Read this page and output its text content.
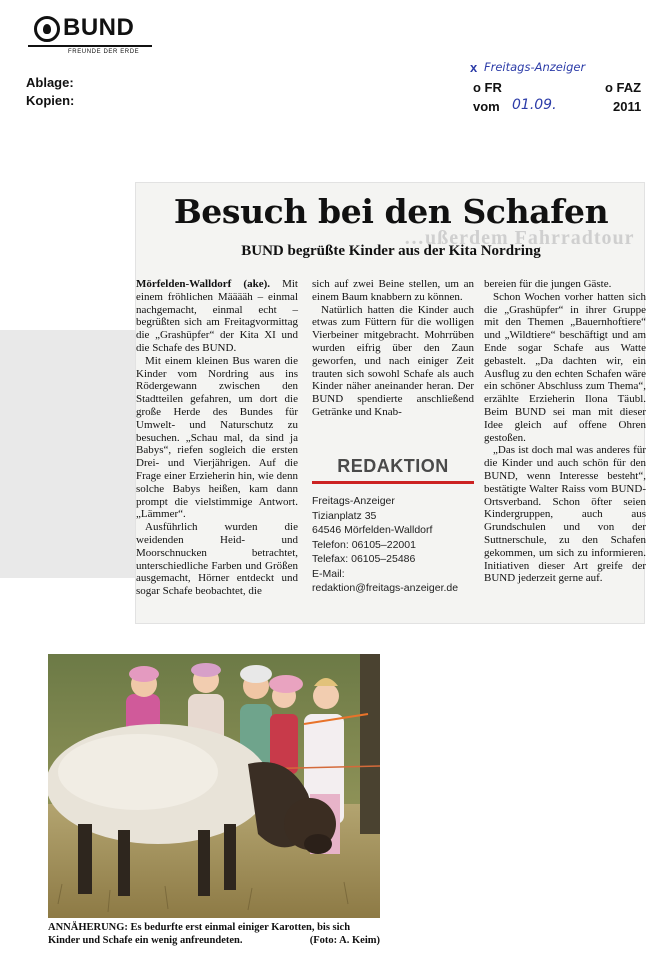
BUND
FREUNDE DER ERDE
Ablage:
Kopien:
x Freitags-Anzeiger
o FR	o FAZ
vom 01.09.	2011
…ußerdem Fahrradtour
Besuch bei den Schafen
BUND begrüßte Kinder aus der Kita Nordring

Mörfelden-Walldorf (ake). Mit einem fröhlichen Määääh – einmal nachgemacht, einmal echt – begrüßten sich am Freitagvormittag die „Grashüpfer“ der Kita XI und die Schafe des BUND.

Mit einem kleinen Bus waren die Kinder vom Nordring aus ins Rödergewann zwischen den Stadtteilen gefahren, um dort die große Herde des Bundes für Umwelt- und Naturschutz zu besuchen. „Schau mal, da sind ja Babys“, riefen sogleich die ersten Drei- und Vierjährigen. Auf die Frage einer Erzieherin hin, wie denn solche Babys heißen, kam dann prompt die vielstimmige Antwort. „Lämmer“.

Ausführlich wurden die weidenden Heid- und Moorschnucken betrachtet, unterschiedliche Farben und Größen ausgemacht, Hörner entdeckt und sogar Schafe beobachtet, die

sich auf zwei Beine stellen, um an einem Baum knabbern zu können.

Natürlich hatten die Kinder auch etwas zum Füttern für die wolligen Vierbeiner mitgebracht. Mohrrüben wurden eifrig über den Zaun geworfen, und nach einiger Zeit trauten sich sowohl Schafe als auch Kinder näher aneinander heran. Der BUND spendierte anschließend Getränke und Knab-

REDAKTION
Freitags-Anzeiger
Tizianplatz 35
64546 Mörfelden-Walldorf
Telefon: 06105–22001
Telefax: 06105–25486
E-Mail:
redaktion@freitags-anzeiger.de

bereien für die jungen Gäste.

Schon Wochen vorher hatten sich die „Grashüpfer“ in ihrer Gruppe mit den Themen „Bauernhoftiere“ und „Wildtiere“ beschäftigt und am Ende sogar Schafe aus Watte gebastelt. „Da dachten wir, ein Ausflug zu den echten Schafen wäre ein schöner Abschluss zum Thema“, erzählte Erzieherin Ilona Täubl. Beim BUND sei man mit dieser Idee gleich auf offene Ohren gestoßen.

„Das ist doch mal was anderes für die Kinder und auch schön für den BUND, wenn Interesse besteht“, bestätigte Walter Raiss vom BUND-Ortsverband. Schon öfter seien Kindergruppen, auch aus Grundschulen und von der Suttnerschule, zu den Schafen gekommen, um sich zu informieren. Initiativen dieser Art greife der BUND jederzeit gerne auf.

ANNÄHERUNG: Es bedurfte erst einmal einiger Karotten, bis sich Kinder und Schafe ein wenig anfreundeten.	(Foto: A. Keim)
